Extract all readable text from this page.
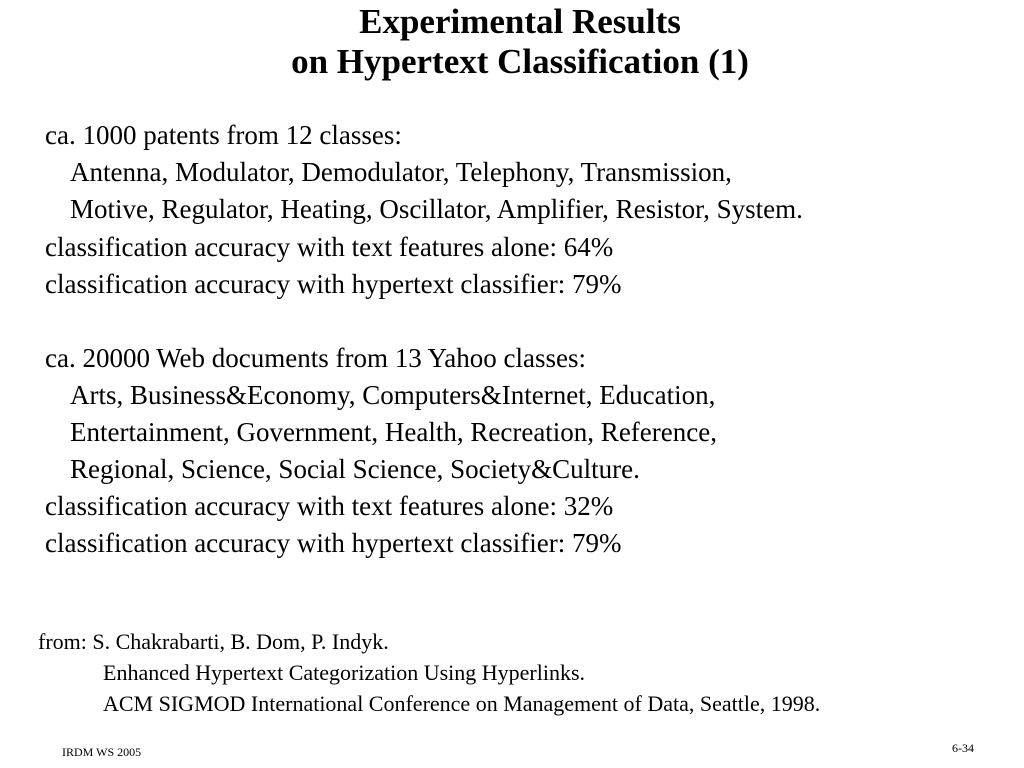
Experimental Results
on Hypertext Classification (1)
ca. 1000 patents from 12 classes:
Antenna, Modulator, Demodulator, Telephony, Transmission,
Motive, Regulator, Heating, Oscillator, Amplifier, Resistor, System.
classification accuracy with text features alone: 64%
classification accuracy with hypertext classifier: 79%
ca. 20000 Web documents from 13 Yahoo classes:
Arts, Business&Economy, Computers&Internet, Education,
Entertainment, Government, Health, Recreation, Reference,
Regional, Science, Social Science, Society&Culture.
classification accuracy with text features alone: 32%
classification accuracy with hypertext classifier: 79%
from: S. Chakrabarti, B. Dom, P. Indyk.
Enhanced Hypertext Categorization Using Hyperlinks.
ACM SIGMOD International Conference on Management of Data, Seattle, 1998.
IRDM WS 2005	6-34
